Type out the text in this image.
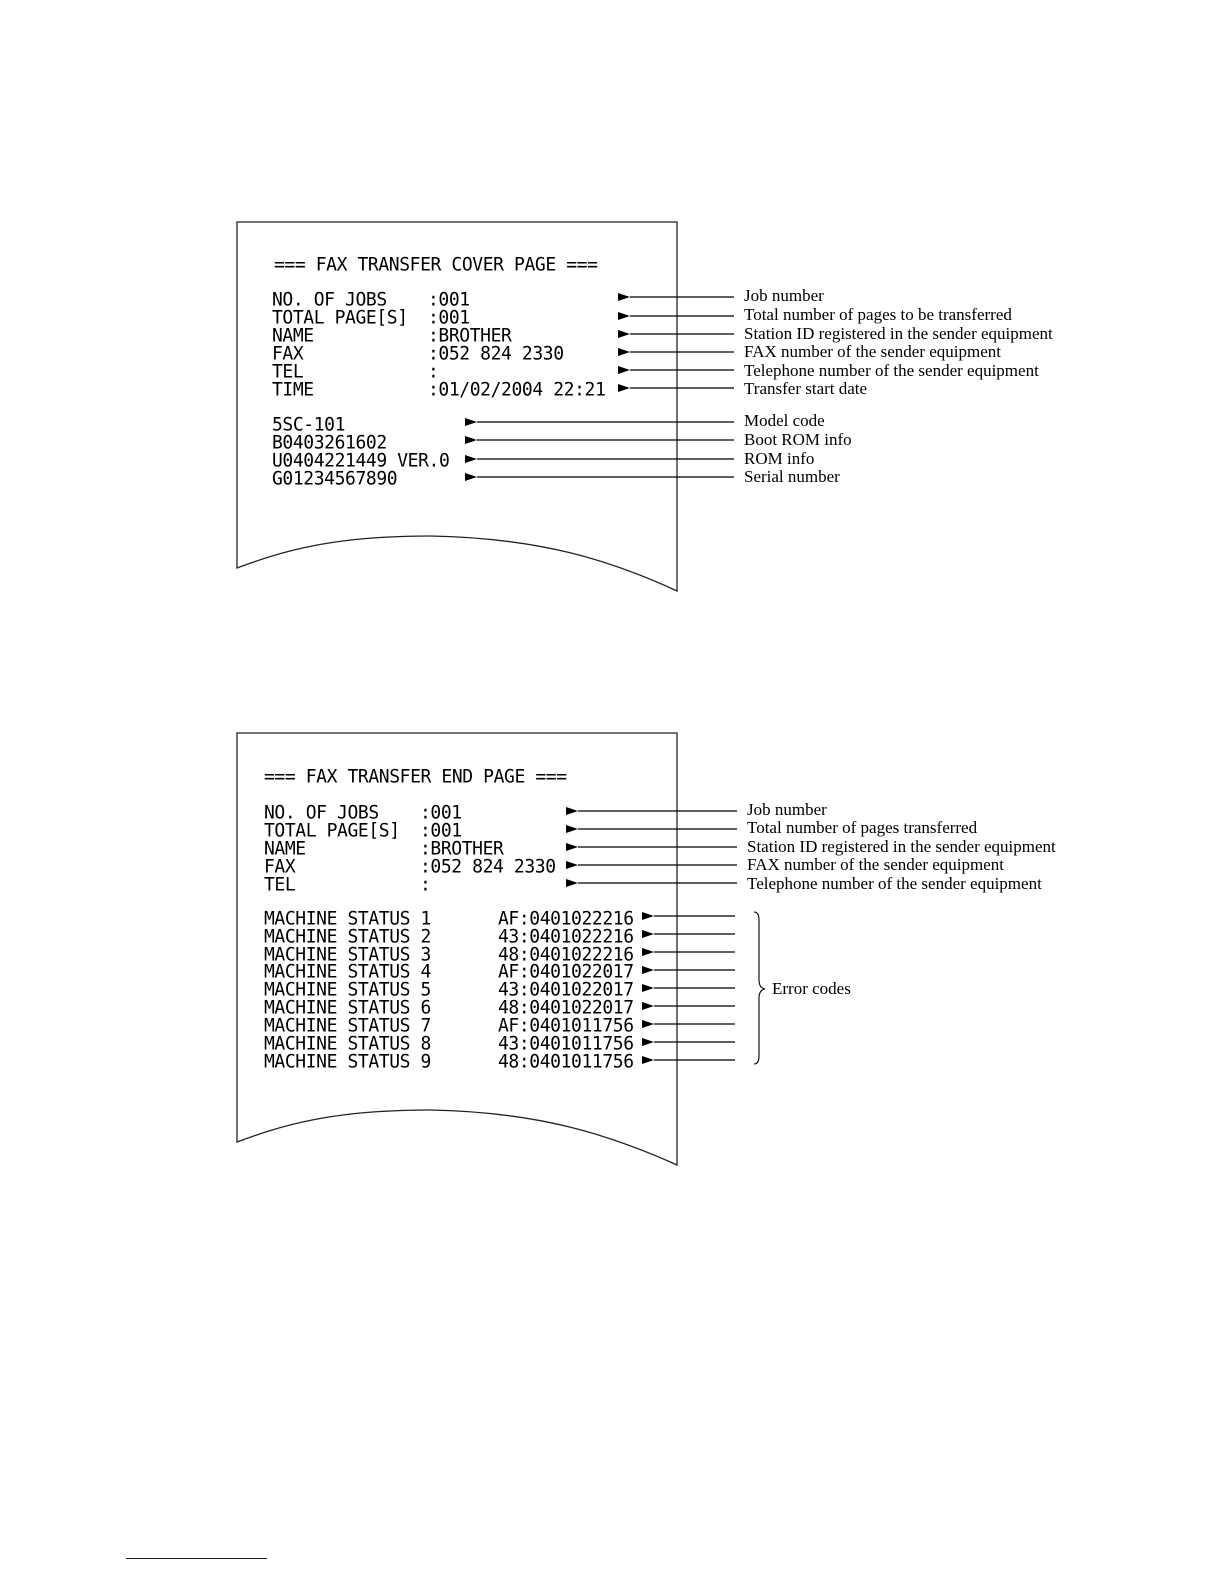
=== FAX TRANSFER COVER PAGE ===
NO. OF JOBS :001
TOTAL PAGE[S] :001
NAME	:BROTHER
FAX	:052 824 2330
TEL	:
TIME	:01/02/2004 22:21
5SC-101
B0403261602
U0404221449 VER.0
G01234567890
Job number
Total number of pages to be transferred
Station ID registered in the sender equipment
FAX number of the sender equipment
Telephone number of the sender equipment
Transfer start date
Model code
Boot ROM info
ROM info
Serial number
=== FAX TRANSFER END PAGE ===
NO. OF JOBS :001
TOTAL PAGE[S] :001
NAME	:BROTHER
FAX	:052 824 2330
TEL	:
MACHINE STATUS 1	AF:0401022216
MACHINE STATUS 2	43:0401022216
MACHINE STATUS 3	48:0401022216
MACHINE STATUS 4	AF:0401022017
MACHINE STATUS 5	43:0401022017
MACHINE STATUS 6	48:0401022017
MACHINE STATUS 7	AF:0401011756
MACHINE STATUS 8	43:0401011756
MACHINE STATUS 9	48:0401011756
Job number
Total number of pages transferred
Station ID registered in the sender equipment
FAX number of the sender equipment
Telephone number of the sender equipment
Error codes
